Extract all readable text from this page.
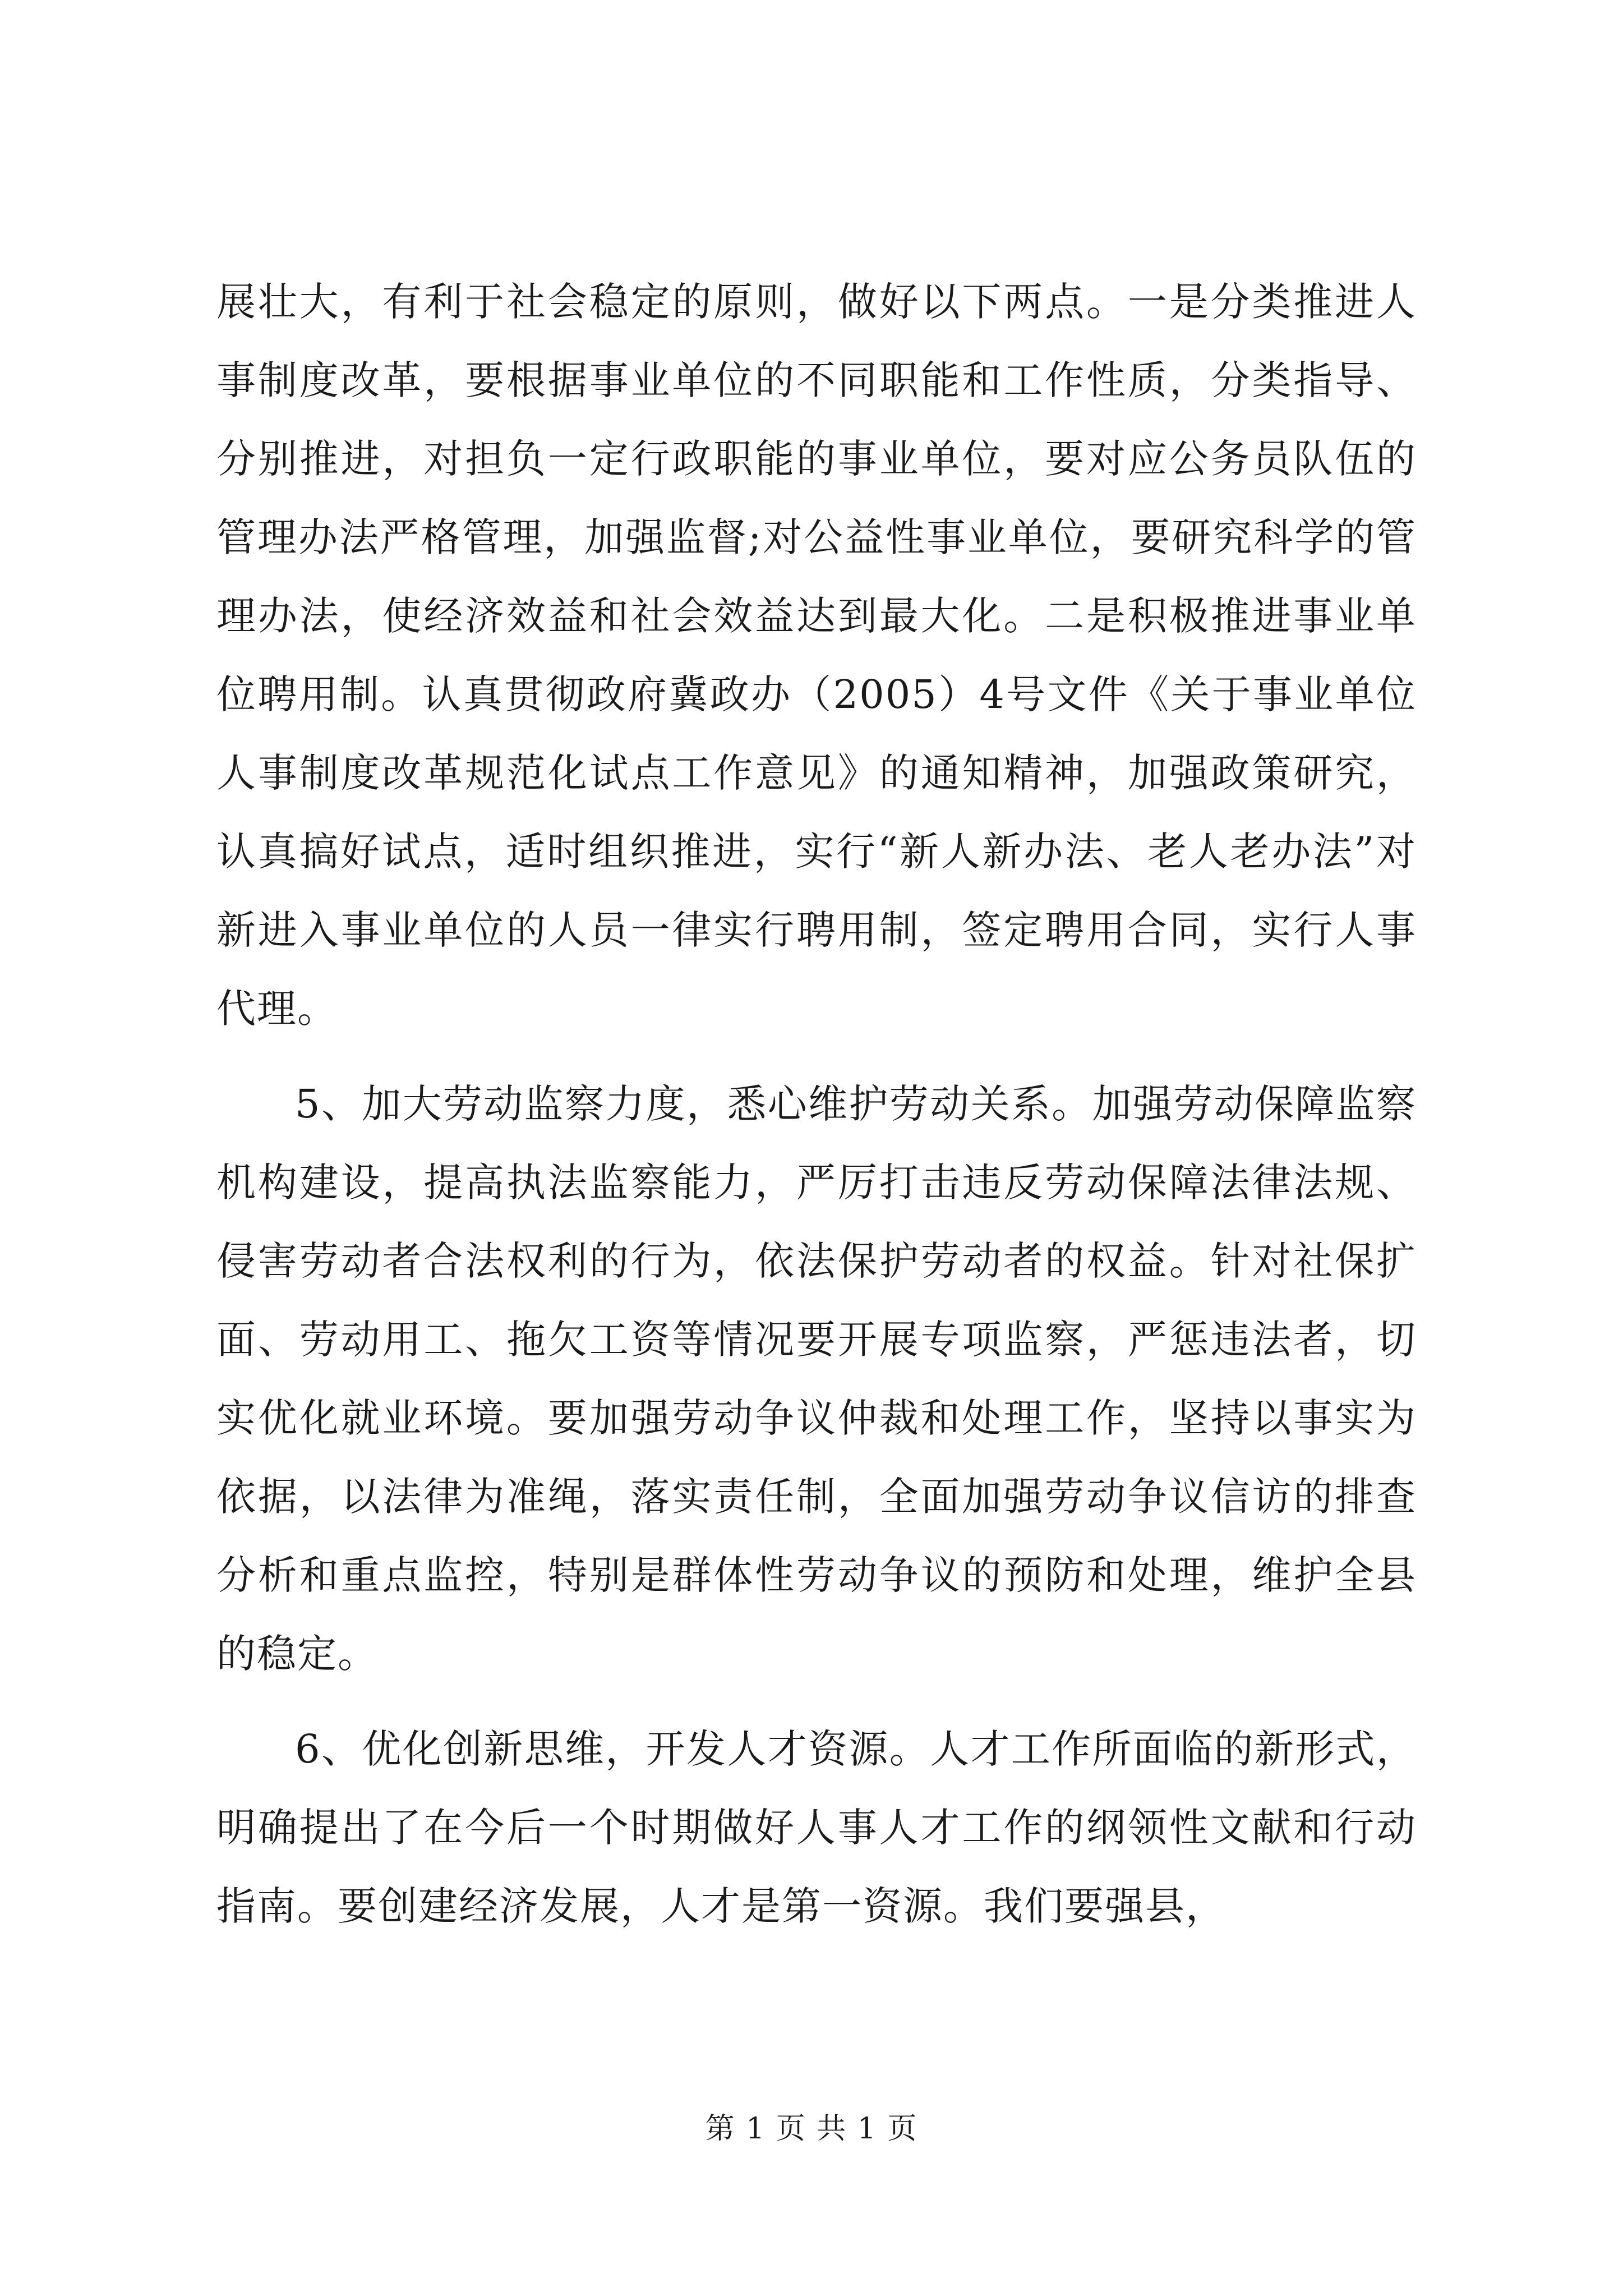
展壮大，有利于社会稳定的原则，做好以下两点。一是分类推进人事制度改革，要根据事业单位的不同职能和工作性质，分类指导、分别推进，对担负一定行政职能的事业单位，要对应公务员队伍的管理办法严格管理，加强监督;对公益性事业单位，要研究科学的管理办法，使经济效益和社会效益达到最大化。二是积极推进事业单位聘用制。认真贯彻政府冀政办（2005）4号文件《关于事业单位人事制度改革规范化试点工作意见》的通知精神，加强政策研究，认真搞好试点，适时组织推进，实行“新人新办法、老人老办法”对新进入事业单位的人员一律实行聘用制，签定聘用合同，实行人事代理。

5、加大劳动监察力度，悉心维护劳动关系。加强劳动保障监察机构建设，提高执法监察能力，严厉打击违反劳动保障法律法规、侵害劳动者合法权利的行为，依法保护劳动者的权益。针对社保扩面、劳动用工、拖欠工资等情况要开展专项监察，严惩违法者，切实优化就业环境。要加强劳动争议仲裁和处理工作，坚持以事实为依据，以法律为准绳，落实责任制，全面加强劳动争议信访的排查分析和重点监控，特别是群体性劳动争议的预防和处理，维护全县的稳定。

6、优化创新思维，开发人才资源。人才工作所面临的新形式，明确提出了在今后一个时期做好人事人才工作的纲领性文献和行动指南。要创建经济发展，人才是第一资源。我们要强县，

第 1 页 共 1 页
